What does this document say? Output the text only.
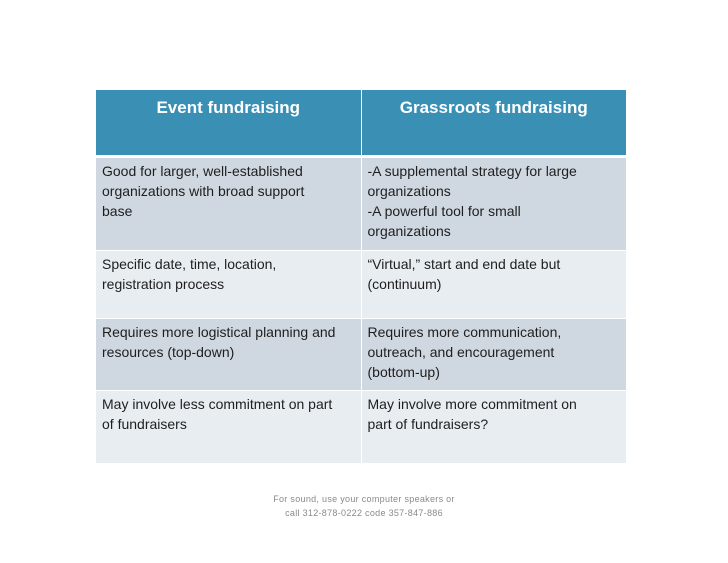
Event fundraising	Grassroots fundraising

Good for larger, well-established
organizations with broad support
base	-A supplemental strategy for large
organizations
-A powerful tool for small
organizations

Specific date, time, location,
registration process	“Virtual,” start and end date but
(continuum)

Requires more logistical planning and
resources (top-down)	Requires more communication,
outreach, and encouragement
(bottom-up)

May involve less commitment on part
of fundraisers	May involve more commitment on
part of fundraisers?
For sound, use your computer speakers or
call 312-878-0222 code 357-847-886
